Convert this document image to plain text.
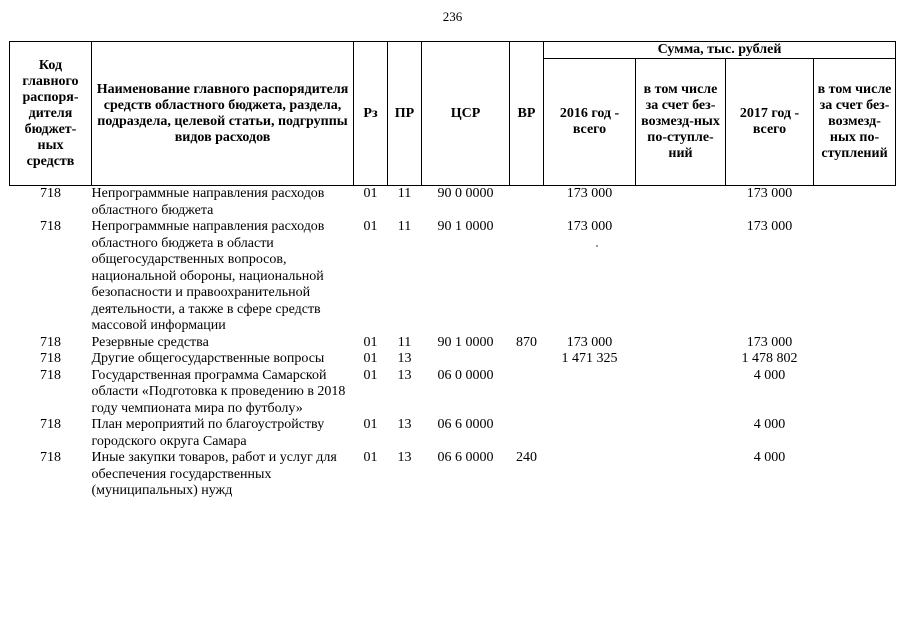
236
Код главного распоря-дителя бюджет-ных средств	Наименование главного распорядителя средств областного бюджета, раздела, подраздела, целевой статьи, подгруппы видов расходов	Рз	ПР	ЦСР	ВР	Сумма, тыс. рублей			
						2016 год - всего	в том числе за счет без-возмезд-ных по-ступле-ний	2017 год - всего	в том числе за счет без-возмезд-ных по-ступлений
718	Непрограммные направления расходов областного бюджета	01	11	90 0 0000		173 000		173 000	
718	Непрограммные направления расходов областного бюджета в области общегосударственных вопросов, национальной обороны, национальной безопасности и правоохранительной деятельности, а также в сфере средств массовой информации	01	11	90 1 0000		173 000		173 000	
718	Резервные средства	01	11	90 1 0000	870	173 000		173 000	
718	Другие общегосударственные вопросы	01	13			1 471 325		1 478 802	
718	Государственная программа Самарской области «Подготовка к проведению в 2018 году чемпионата мира по футболу»	01	13	06 0 0000				4 000	
718	План мероприятий по благоустройству городского округа Самара	01	13	06 6 0000				4 000	
718	Иные закупки товаров, работ и услуг для обеспечения государственных (муниципальных) нужд	01	13	06 6 0000	240			4 000	
